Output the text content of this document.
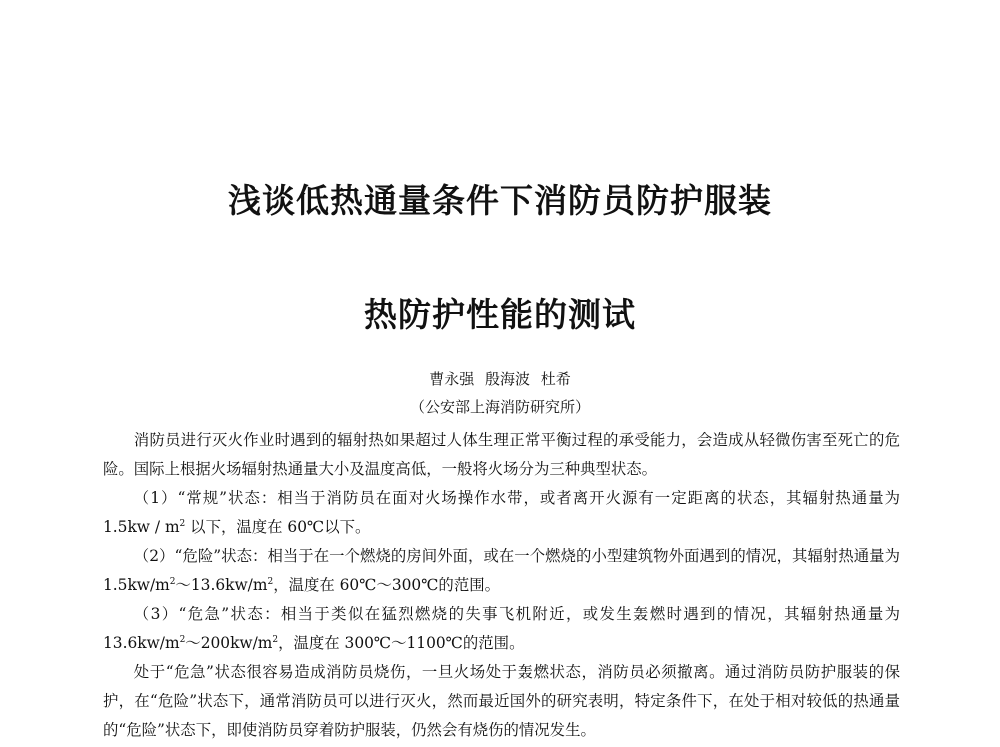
浅谈低热通量条件下消防员防护服装
热防护性能的测试
曹永强 殷海波 杜希
（公安部上海消防研究所）

消防员进行灭火作业时遇到的辐射热如果超过人体生理正常平衡过程的承受能力，会造成从轻微伤害至死亡的危险。国际上根据火场辐射热通量大小及温度高低，一般将火场分为三种典型状态。

（1）“常规”状态：相当于消防员在面对火场操作水带，或者离开火源有一定距离的状态，其辐射热通量为 $1.5kw / m^2$ 以下，温度在 60℃以下。

（2）“危险”状态：相当于在一个燃烧的房间外面，或在一个燃烧的小型建筑物外面遇到的情况，其辐射热通量为 $1.5kw/m^2\sim 13.6kw/m^2$，温度在 60℃～300℃的范围。

（3）“危急”状态：相当于类似在猛烈燃烧的失事飞机附近，或发生轰燃时遇到的情况，其辐射热通量为 $13.6kw/m^2\sim 200kw/m^2$，温度在 300℃～1100℃的范围。

处于“危急”状态很容易造成消防员烧伤，一旦火场处于轰燃状态，消防员必须撤离。通过消防员防护服装的保护，在“危险”状态下，通常消防员可以进行灭火，然而最近国外的研究表明，特定条件下，在处于相对较低的热通量的“危险”状态下，即使消防员穿着防护服装，仍然会有烧伤的情况发生。
